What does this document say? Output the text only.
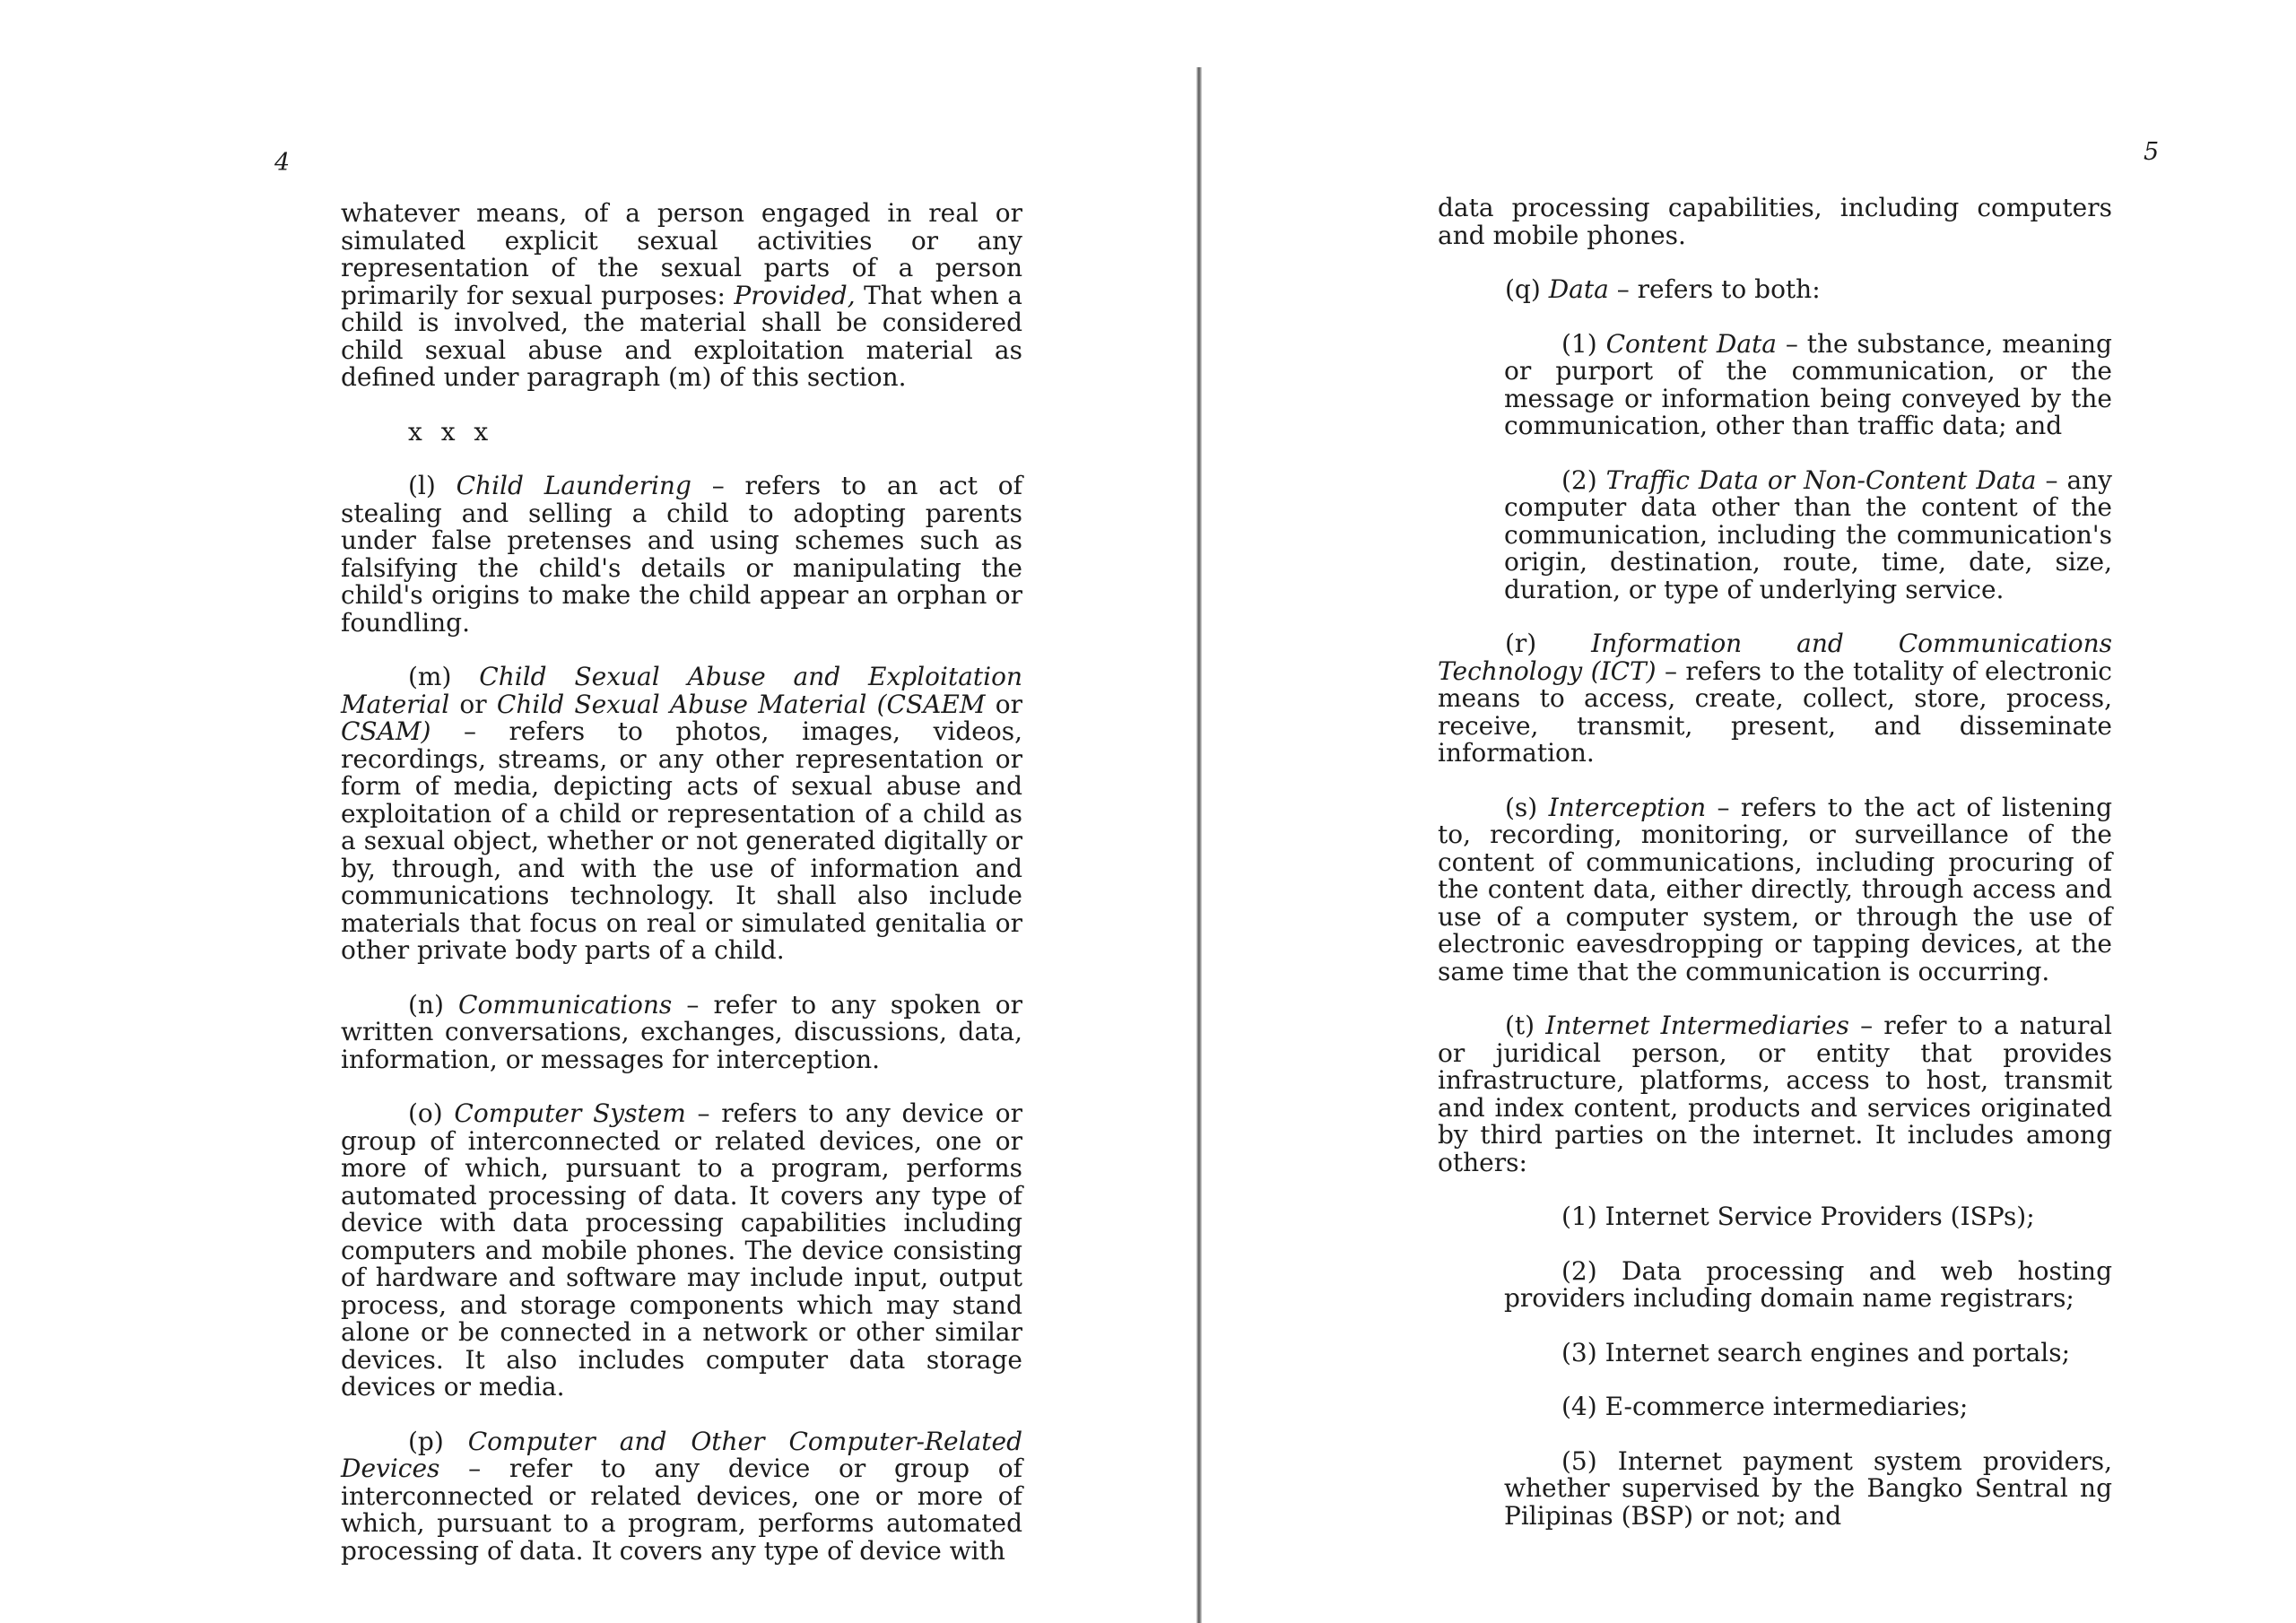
4

whatever means, of a person engaged in real or simulated explicit sexual activities or any representation of the sexual parts of a person primarily for sexual purposes: Provided, That when a child is involved, the material shall be considered child sexual abuse and exploitation material as defined under paragraph (m) of this section.

x x x

(l) Child Laundering – refers to an act of stealing and selling a child to adopting parents under false pretenses and using schemes such as falsifying the child's details or manipulating the child's origins to make the child appear an orphan or foundling.

(m) Child Sexual Abuse and Exploitation Material or Child Sexual Abuse Material (CSAEM or CSAM) – refers to photos, images, videos, recordings, streams, or any other representation or form of media, depicting acts of sexual abuse and exploitation of a child or representation of a child as a sexual object, whether or not generated digitally or by, through, and with the use of information and communications technology. It shall also include materials that focus on real or simulated genitalia or other private body parts of a child.

(n) Communications – refer to any spoken or written conversations, exchanges, discussions, data, information, or messages for interception.

(o) Computer System – refers to any device or group of interconnected or related devices, one or more of which, pursuant to a program, performs automated processing of data. It covers any type of device with data processing capabilities including computers and mobile phones. The device consisting of hardware and software may include input, output process, and storage components which may stand alone or be connected in a network or other similar devices. It also includes computer data storage devices or media.

(p) Computer and Other Computer-Related Devices – refer to any device or group of interconnected or related devices, one or more of which, pursuant to a program, performs automated processing of data. It covers any type of device with

5

data processing capabilities, including computers and mobile phones.

(q) Data – refers to both:

(1) Content Data – the substance, meaning or purport of the communication, or the message or information being conveyed by the communication, other than traffic data; and

(2) Traffic Data or Non-Content Data – any computer data other than the content of the communication, including the communication's origin, destination, route, time, date, size, duration, or type of underlying service.

(r) Information and Communications Technology (ICT) – refers to the totality of electronic means to access, create, collect, store, process, receive, transmit, present, and disseminate information.

(s) Interception – refers to the act of listening to, recording, monitoring, or surveillance of the content of communications, including procuring of the content data, either directly, through access and use of a computer system, or through the use of electronic eavesdropping or tapping devices, at the same time that the communication is occurring.

(t) Internet Intermediaries – refer to a natural or juridical person, or entity that provides infrastructure, platforms, access to host, transmit and index content, products and services originated by third parties on the internet. It includes among others:

(1) Internet Service Providers (ISPs);

(2) Data processing and web hosting providers including domain name registrars;

(3) Internet search engines and portals;

(4) E-commerce intermediaries;

(5) Internet payment system providers, whether supervised by the Bangko Sentral ng Pilipinas (BSP) or not; and
